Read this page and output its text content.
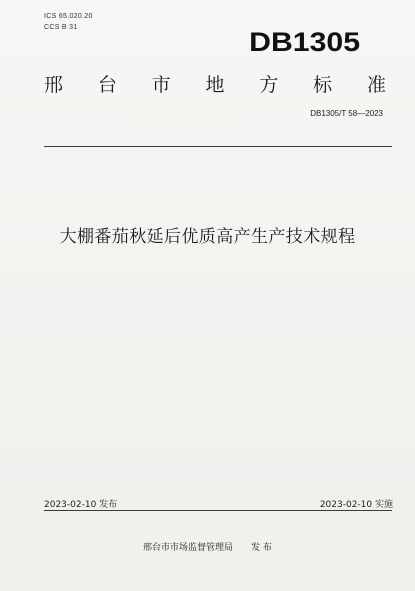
ICS 65.020.20
CCS B 31	DB1305
邢 台 市 地 方 标 准
DB1305/T 58—2023
大棚番茄秋延后优质高产生产技术规程
2023-02-10 发布	2023-02-10 实施
邢台市市场监督管理局 发 布
